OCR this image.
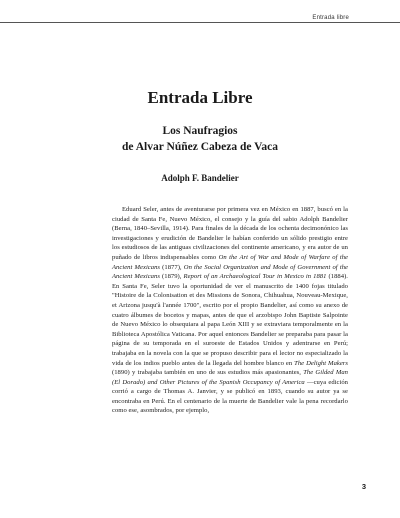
Entrada libre
Entrada Libre
Los Naufragios
de Alvar Núñez Cabeza de Vaca
Adolph F. Bandelier
Eduard Seler, antes de aventurarse por primera vez en México en 1887, buscó en la ciudad de Santa Fe, Nuevo México, el consejo y la guía del sabio Adolph Bandelier (Berna, 1840–Sevilla, 1914). Para finales de la década de los ochenta decimonónico las investigaciones y erudición de Bandelier le habían conferido un sólido prestigio entre los estudiosos de las antiguas civilizaciones del continente americano, y era autor de un puñado de libros indispensables como On the Art of War and Mode of Warfare of the Ancient Mexicans (1877), On the Social Organization and Mode of Government of the Ancient Mexicans (1879), Report of an Archaeological Tour in Mexico in 1881 (1884). En Santa Fe, Seler tuvo la oportunidad de ver el manuscrito de 1400 fojas titulado "Histoire de la Colonisation et des Missions de Sonora, Chihuahua, Nouveau-Mexique, et Arizona jusqu'à l'année 1700", escrito por el propio Bandelier, así como su anexo de cuatro álbumes de bocetos y mapas, antes de que el arzobispo John Baptiste Salpointe de Nuevo México lo obsequiara al papa León XIII y se extraviara temporalmente en la Biblioteca Apostólica Vaticana. Por aquel entonces Bandelier se preparaba para pasar la página de su temporada en el suroeste de Estados Unidos y adentrarse en Perú; trabajaba en la novela con la que se propuso describir para el lector no especializado la vida de los indios pueblo antes de la llegada del hombre blanco en The Delight Makers (1890) y trabajaba también en uno de sus estudios más apasionantes, The Gilded Man (El Dorado) and Other Pictures of the Spanish Occupancy of America —cuya edición corrió a cargo de Thomas A. Janvier, y se publicó en 1893, cuando su autor ya se encontraba en Perú. En el centenario de la muerte de Bandelier vale la pena recordarlo como ese, asombrados, por ejemplo,
3
